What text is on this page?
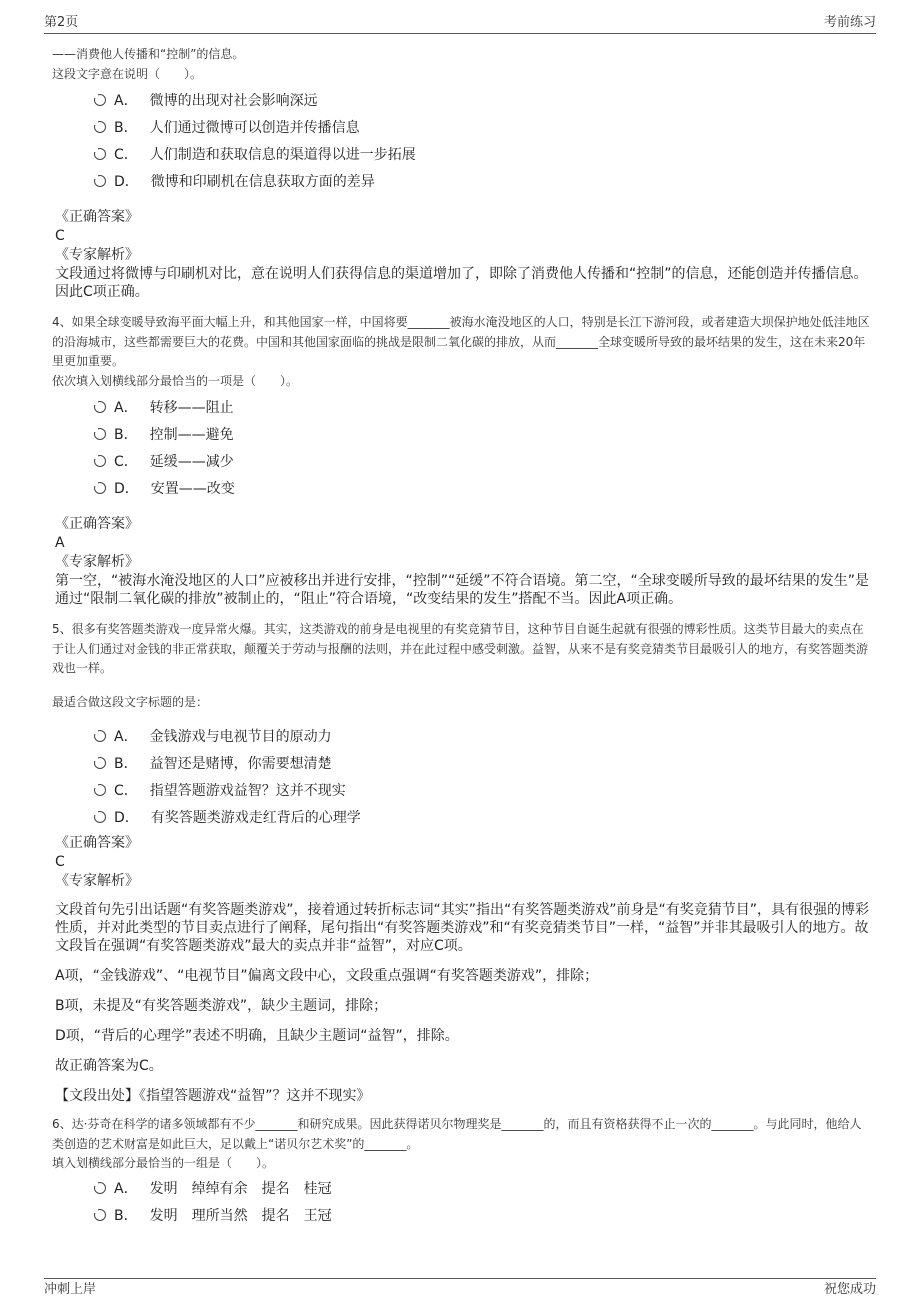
第2页	考前练习
——消费他人传播和“控制”的信息。
这段文字意在说明（　　）。
A． 微博的出现对社会影响深远
B． 人们通过微博可以创造并传播信息
C． 人们制造和获取信息的渠道得以进一步拓展
D． 微博和印刷机在信息获取方面的差异
《正确答案》
C
《专家解析》
文段通过将微博与印刷机对比，意在说明人们获得信息的渠道增加了，即除了消费他人传播和“控制”的信息，还能创造并传播信息。因此C项正确。
4、如果全球变暖导致海平面大幅上升，和其他国家一样，中国将要_______被海水淹没地区的人口，特别是长江下游河段，或者建造大坝保护地处低洼地区的沿海城市，这些都需要巨大的花费。中国和其他国家面临的挑战是限制二氧化碳的排放，从而_______全球变暖所导致的最坏结果的发生，这在未来20年里更加重要。
依次填入划横线部分最恰当的一项是（　　）。
A． 转移——阻止
B． 控制——避免
C． 延缓——减少
D． 安置——改变
《正确答案》
A
《专家解析》
第一空，“被海水淹没地区的人口”应被移出并进行安排，“控制”“延缓”不符合语境。第二空，“全球变暖所导致的最坏结果的发生”是通过“限制二氧化碳的排放”被制止的，“阻止”符合语境，“改变结果的发生”搭配不当。因此A项正确。
5、很多有奖答题类游戏一度异常火爆。其实，这类游戏的前身是电视里的有奖竞猜节目，这种节目自诞生起就有很强的博彩性质。这类节目最大的卖点在于让人们通过对金钱的非正常获取，颠覆关于劳动与报酬的法则，并在此过程中感受刺激。益智，从来不是有奖竞猜类节目最吸引人的地方，有奖答题类游戏也一样。
最适合做这段文字标题的是：
A． 金钱游戏与电视节目的原动力
B． 益智还是赌博，你需要想清楚
C． 指望答题游戏益智？这并不现实
D． 有奖答题类游戏走红背后的心理学
《正确答案》
C
《专家解析》
文段首句先引出话题“有奖答题类游戏”，接着通过转折标志词“其实”指出“有奖答题类游戏”前身是“有奖竞猜节目”，具有很强的博彩性质，并对此类型的节目卖点进行了阐释，尾句指出“有奖答题类游戏”和“有奖竞猜类节目”一样，“益智”并非其最吸引人的地方。故文段旨在强调“有奖答题类游戏”最大的卖点并非“益智”，对应C项。
A项，“金钱游戏”、“电视节目”偏离文段中心，文段重点强调“有奖答题类游戏”，排除；
B项，未提及“有奖答题类游戏”，缺少主题词，排除；
D项，“背后的心理学”表述不明确，且缺少主题词“益智”，排除。
故正确答案为C。
【文段出处】《指望答题游戏“益智”？这并不现实》
6、达·芬奇在科学的诸多领域都有不少_______和研究成果。因此获得诺贝尔物理奖是_______的，而且有资格获得不止一次的_______。与此同时，他给人类创造的艺术财富是如此巨大，足以戴上“诺贝尔艺术奖”的_______。
填入划横线部分最恰当的一组是（　　）。
A． 发明　绰绰有余　提名　桂冠
B． 发明　理所当然　提名　王冠
冲刺上岸	祝您成功
